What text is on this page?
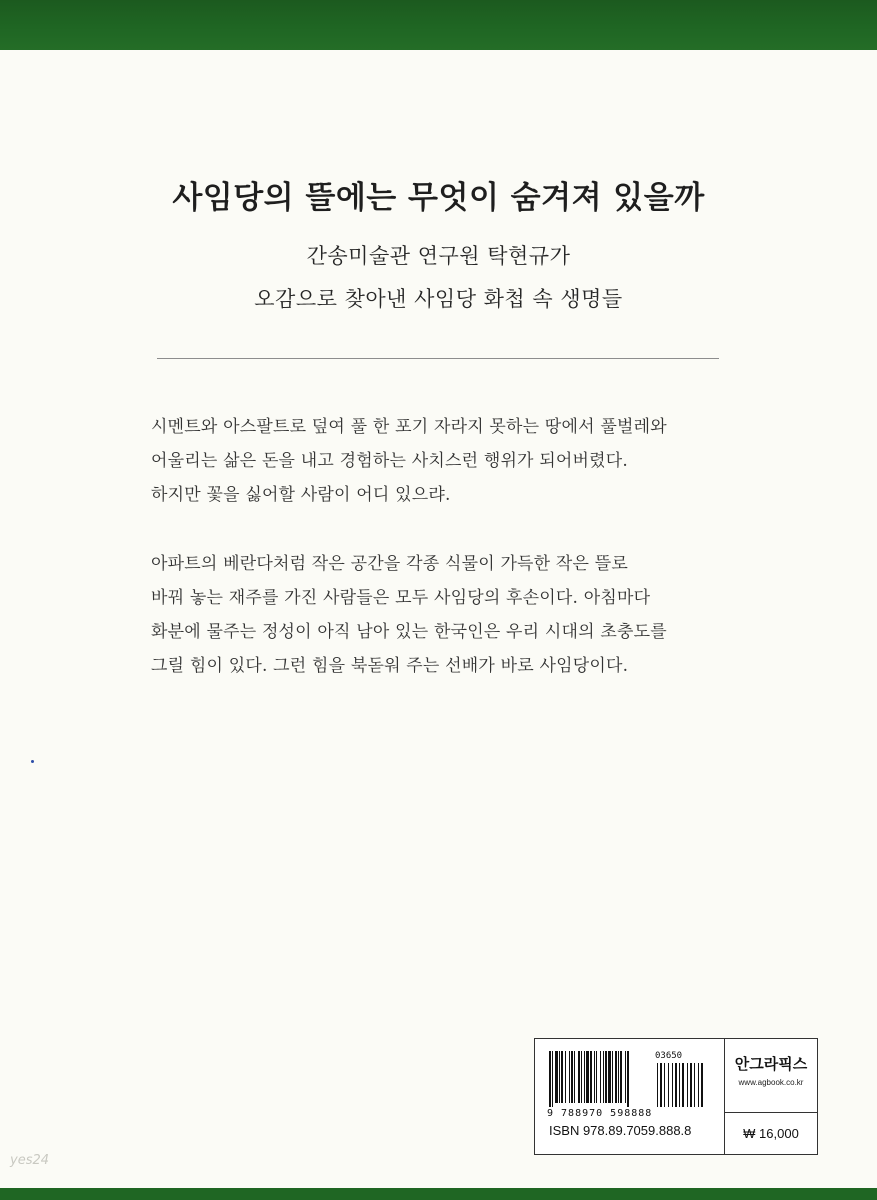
사임당의 뜰에는 무엇이 숨겨져 있을까
간송미술관 연구원 탁현규가
오감으로 찾아낸 사임당 화첩 속 생명들
시멘트와 아스팔트로 덮여 풀 한 포기 자라지 못하는 땅에서 풀벌레와
어울리는 삶은 돈을 내고 경험하는 사치스런 행위가 되어버렸다.
하지만 꽃을 싫어할 사람이 어디 있으랴.
아파트의 베란다처럼 작은 공간을 각종 식물이 가득한 작은 뜰로
바꿔 놓는 재주를 가진 사람들은 모두 사임당의 후손이다. 아침마다
화분에 물주는 정성이 아직 남아 있는 한국인은 우리 시대의 초충도를
그릴 힘이 있다. 그런 힘을 북돋워 주는 선배가 바로 사임당이다.
03650
9 788970 598888
ISBN 978.89.7059.888.8
안그라픽스
www.agbook.co.kr
₩ 16,000
yes24
